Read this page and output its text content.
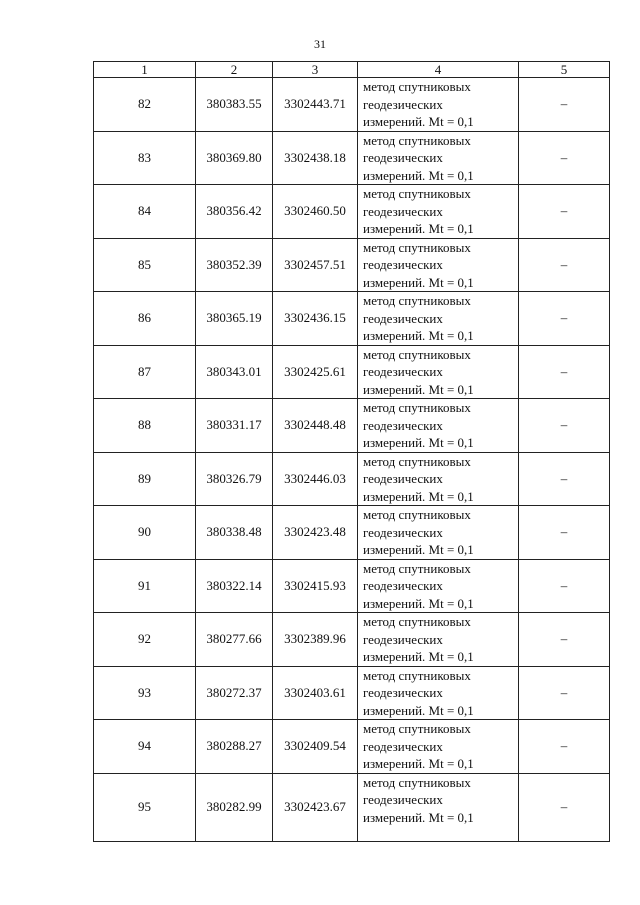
31
1	2	3	4	5
82	380383.55	3302443.71	метод спутниковых
геодезических
измерений. Mt = 0,1	–
83	380369.80	3302438.18	метод спутниковых
геодезических
измерений. Mt = 0,1	–
84	380356.42	3302460.50	метод спутниковых
геодезических
измерений. Mt = 0,1	–
85	380352.39	3302457.51	метод спутниковых
геодезических
измерений. Mt = 0,1	–
86	380365.19	3302436.15	метод спутниковых
геодезических
измерений. Mt = 0,1	–
87	380343.01	3302425.61	метод спутниковых
геодезических
измерений. Mt = 0,1	–
88	380331.17	3302448.48	метод спутниковых
геодезических
измерений. Mt = 0,1	–
89	380326.79	3302446.03	метод спутниковых
геодезических
измерений. Mt = 0,1	–
90	380338.48	3302423.48	метод спутниковых
геодезических
измерений. Mt = 0,1	–
91	380322.14	3302415.93	метод спутниковых
геодезических
измерений. Mt = 0,1	–
92	380277.66	3302389.96	метод спутниковых
геодезических
измерений. Mt = 0,1	–
93	380272.37	3302403.61	метод спутниковых
геодезических
измерений. Mt = 0,1	–
94	380288.27	3302409.54	метод спутниковых
геодезических
измерений. Mt = 0,1	–
95	380282.99	3302423.67	метод спутниковых
геодезических
измерений. Mt = 0,1	–
